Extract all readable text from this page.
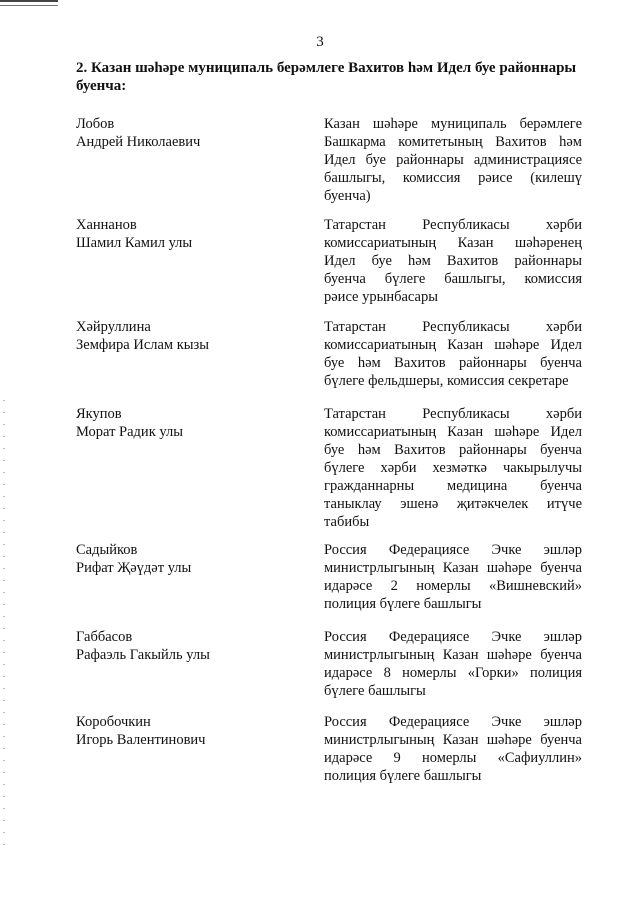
3
2. Казан шәһәре муниципаль берәмлеге Вахитов һәм Идел буе районнары буенча:
Лобов
Андрей Николаевич
Казан шәһәре муниципаль берәмлеге
Башкарма комитетының Вахитов һәм
Идел буе районнары администрациясе
башлыгы, комиссия рәисе (килешү
буенча)
Ханнанов
Шамил Камил улы
Татарстан Республикасы хәрби
комиссариатының Казан шәһәренең
Идел буе һәм Вахитов районнары
буенча бүлеге башлыгы, комиссия
рәисе урынбасары
Хәйруллина
Земфира Ислам кызы
Татарстан Республикасы хәрби
комиссариатының Казан шәһәре Идел
буе һәм Вахитов районнары буенча
бүлеге фельдшеры, комиссия секретаре
Якупов
Морат Радик улы
Татарстан Республикасы хәрби
комиссариатының Казан шәһәре Идел
буе һәм Вахитов районнары буенча
бүлеге хәрби хезмәткә чакырылучы
гражданнарны медицина буенча
таныклау эшенә җитәкчелек итүче
табибы
Садыйков
Рифат Җәүдәт улы
Россия Федерациясе Эчке эшләр
министрлыгының Казан шәһәре буенча
идарәсе 2 номерлы «Вишневский»
полиция бүлеге башлыгы
Габбасов
Рафаэль Гакыйль улы
Россия Федерациясе Эчке эшләр
министрлыгының Казан шәһәре буенча
идарәсе 8 номерлы «Горки» полиция
бүлеге башлыгы
Коробочкин
Игорь Валентинович
Россия Федерациясе Эчке эшләр
министрлыгының Казан шәһәре буенча
идарәсе 9 номерлы «Сафиуллин»
полиция бүлеге башлыгы
